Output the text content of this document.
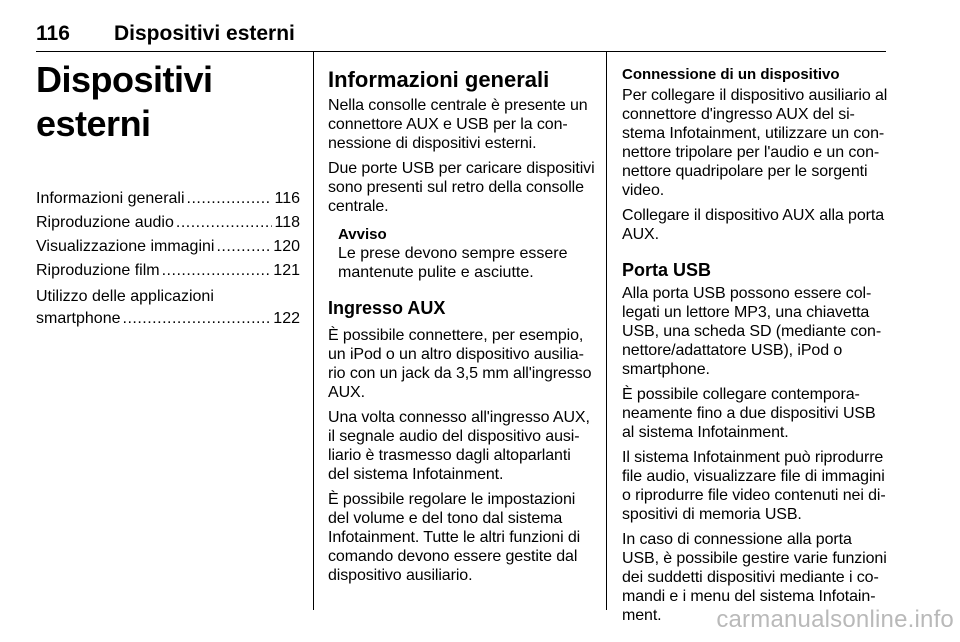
116 Dispositivi esterni
Dispositivi esterni
Informazioni generali .....	116
Riproduzione audio .....	118
Visualizzazione immagini .....	120
Riproduzione film .....	121
Utilizzo delle applicazioni
smartphone .....	122
Informazioni generali
Nella consolle centrale è presente un connettore AUX e USB per la connessione di dispositivi esterni.
Due porte USB per caricare dispositivi sono presenti sul retro della consolle centrale.
Avviso
Le prese devono sempre essere mantenute pulite e asciutte.
Ingresso AUX
È possibile connettere, per esempio, un iPod o un altro dispositivo ausiliario con un jack da 3,5 mm all'ingresso AUX.
Una volta connesso all'ingresso AUX, il segnale audio del dispositivo ausiliario è trasmesso dagli altoparlanti del sistema Infotainment.
È possibile regolare le impostazioni del volume e del tono dal sistema Infotainment. Tutte le altri funzioni di comando devono essere gestite dal dispositivo ausiliario.
Connessione di un dispositivo
Per collegare il dispositivo ausiliario al connettore d'ingresso AUX del sistema Infotainment, utilizzare un connettore tripolare per l'audio e un connettore quadripolare per le sorgenti video.
Collegare il dispositivo AUX alla porta AUX.
Porta USB
Alla porta USB possono essere collegati un lettore MP3, una chiavetta USB, una scheda SD (mediante connettore/adattatore USB), iPod o smartphone.
È possibile collegare contemporaneamente fino a due dispositivi USB al sistema Infotainment.
Il sistema Infotainment può riprodurre file audio, visualizzare file di immagini o riprodurre file video contenuti nei dispositivi di memoria USB.
In caso di connessione alla porta USB, è possibile gestire varie funzioni dei suddetti dispositivi mediante i comandi e i menu del sistema Infotainment.	carmanualsonline.info
